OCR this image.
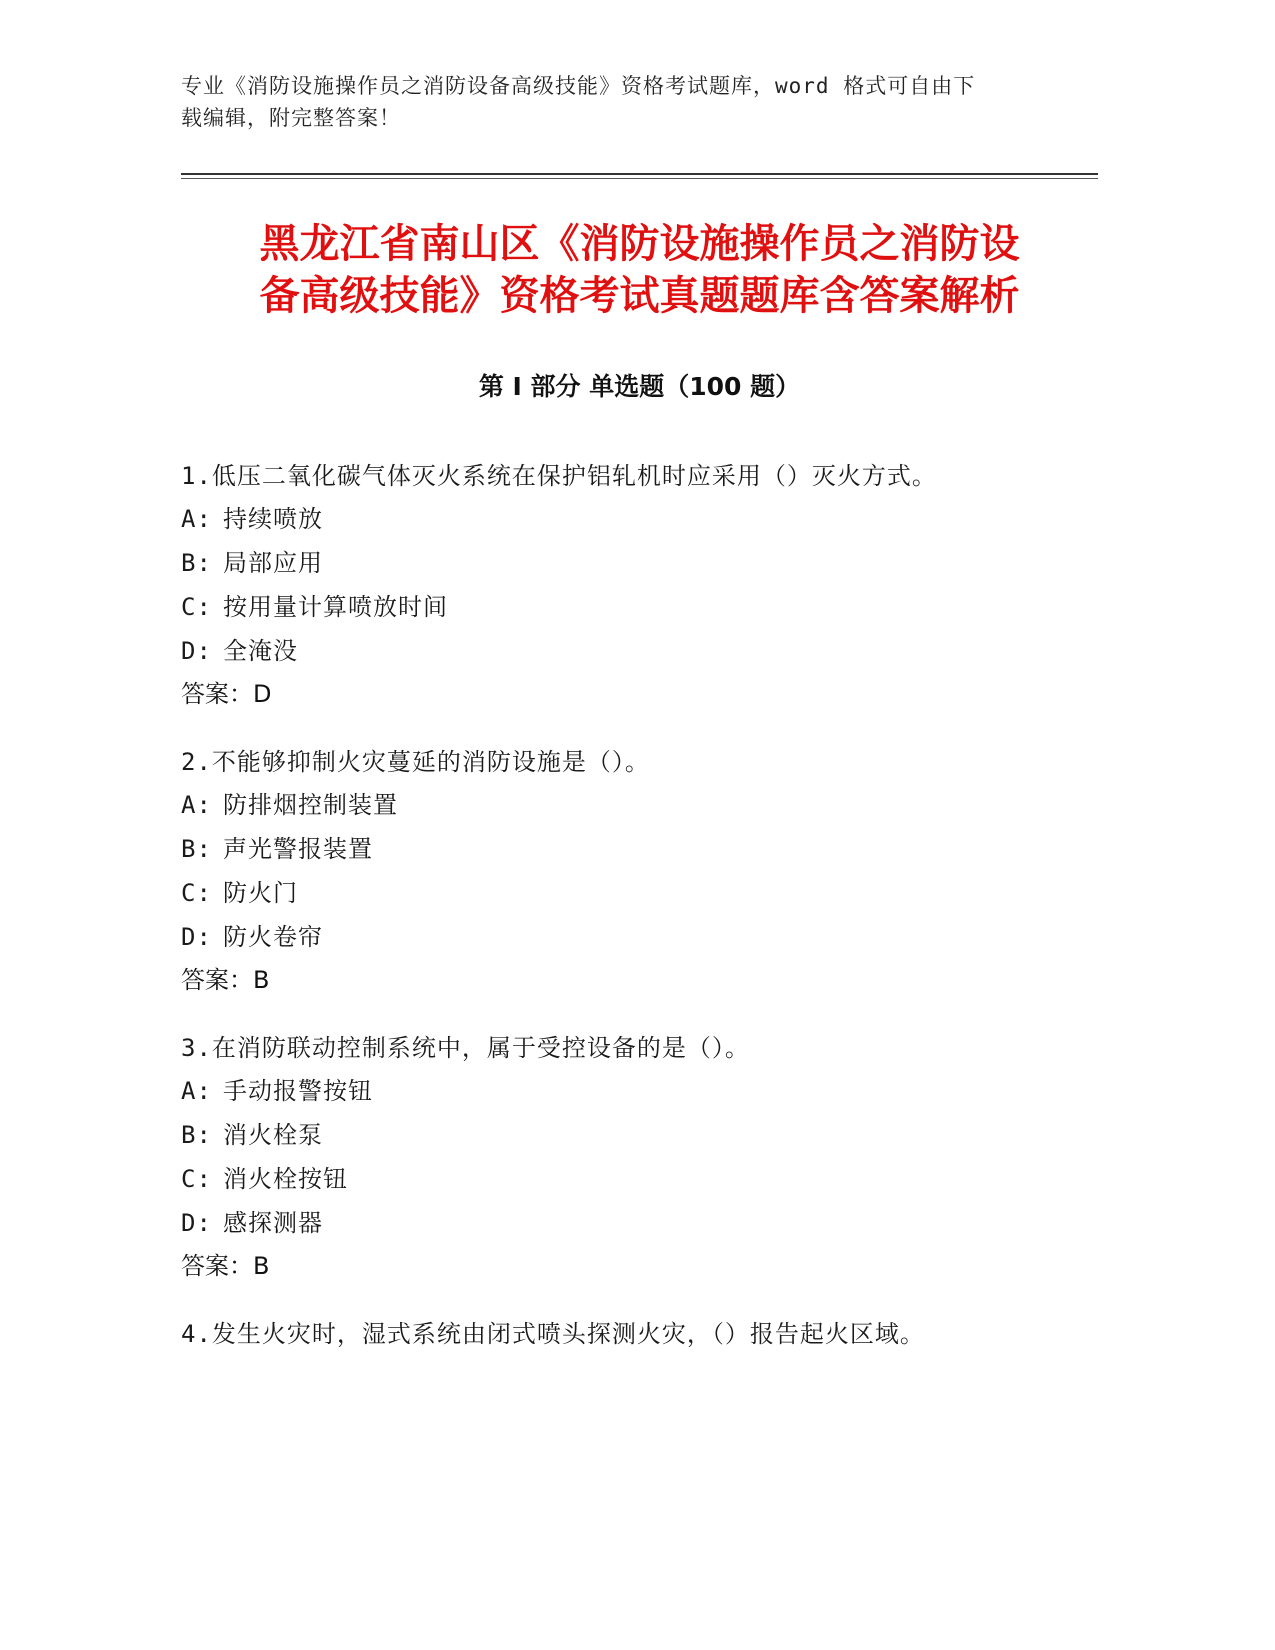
专业《消防设施操作员之消防设备高级技能》资格考试题库，word 格式可自由下
载编辑，附完整答案！
黑龙江省南山区《消防设施操作员之消防设
备高级技能》资格考试真题题库含答案解析
第 I 部分 单选题（100 题）
1.低压二氧化碳气体灭火系统在保护铝轧机时应采用（）灭火方式。
A: 持续喷放
B: 局部应用
C: 按用量计算喷放时间
D: 全淹没
答案：D
2.不能够抑制火灾蔓延的消防设施是（）。
A: 防排烟控制装置
B: 声光警报装置
C: 防火门
D: 防火卷帘
答案：B
3.在消防联动控制系统中，属于受控设备的是（）。
A: 手动报警按钮
B: 消火栓泵
C: 消火栓按钮
D: 感探测器
答案：B
4.发生火灾时，湿式系统由闭式喷头探测火灾，（）报告起火区域。
